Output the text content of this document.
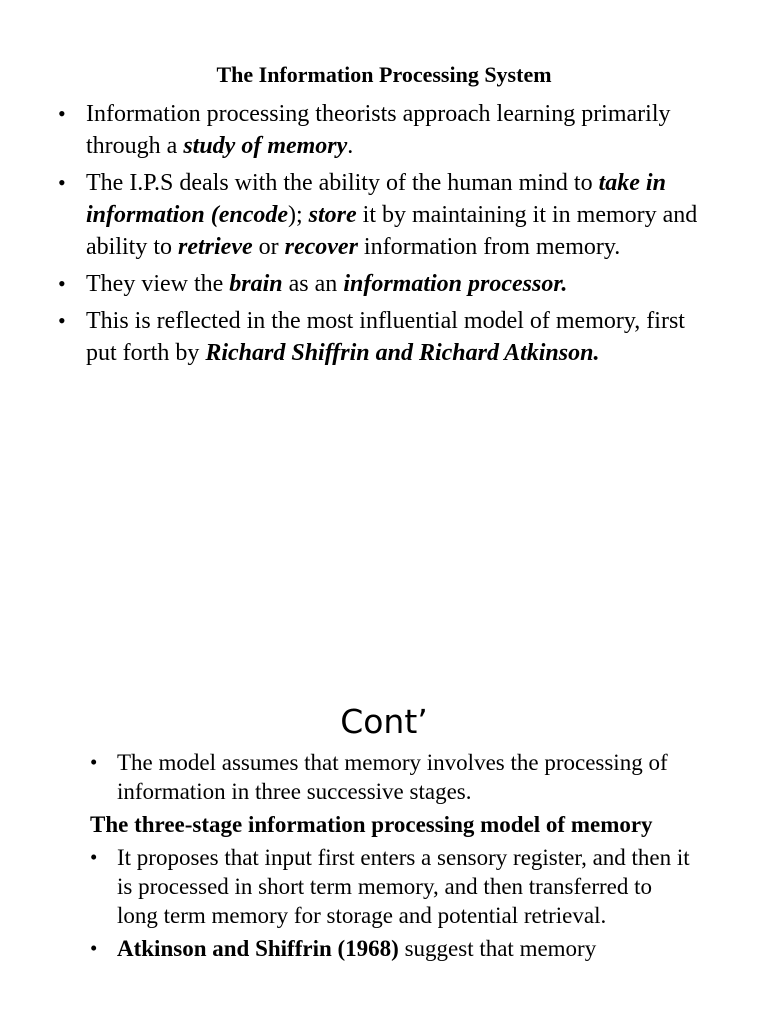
The Information Processing System
• Information processing theorists approach learning primarily through a study of memory.
• The I.P.S deals with the ability of the human mind to take in information (encode); store it by maintaining it in memory and ability to retrieve or recover information from memory.
• They view the brain as an information processor.
• This is reflected in the most influential model of memory, first put forth by Richard Shiffrin and Richard Atkinson.
Cont’
• The model assumes that memory involves the processing of information in three successive stages.
The three-stage information processing model of memory
• It proposes that input first enters a sensory register, and then it is processed in short term memory, and then transferred to long term memory for storage and potential retrieval.
• Atkinson and Shiffrin (1968) suggest that memory
